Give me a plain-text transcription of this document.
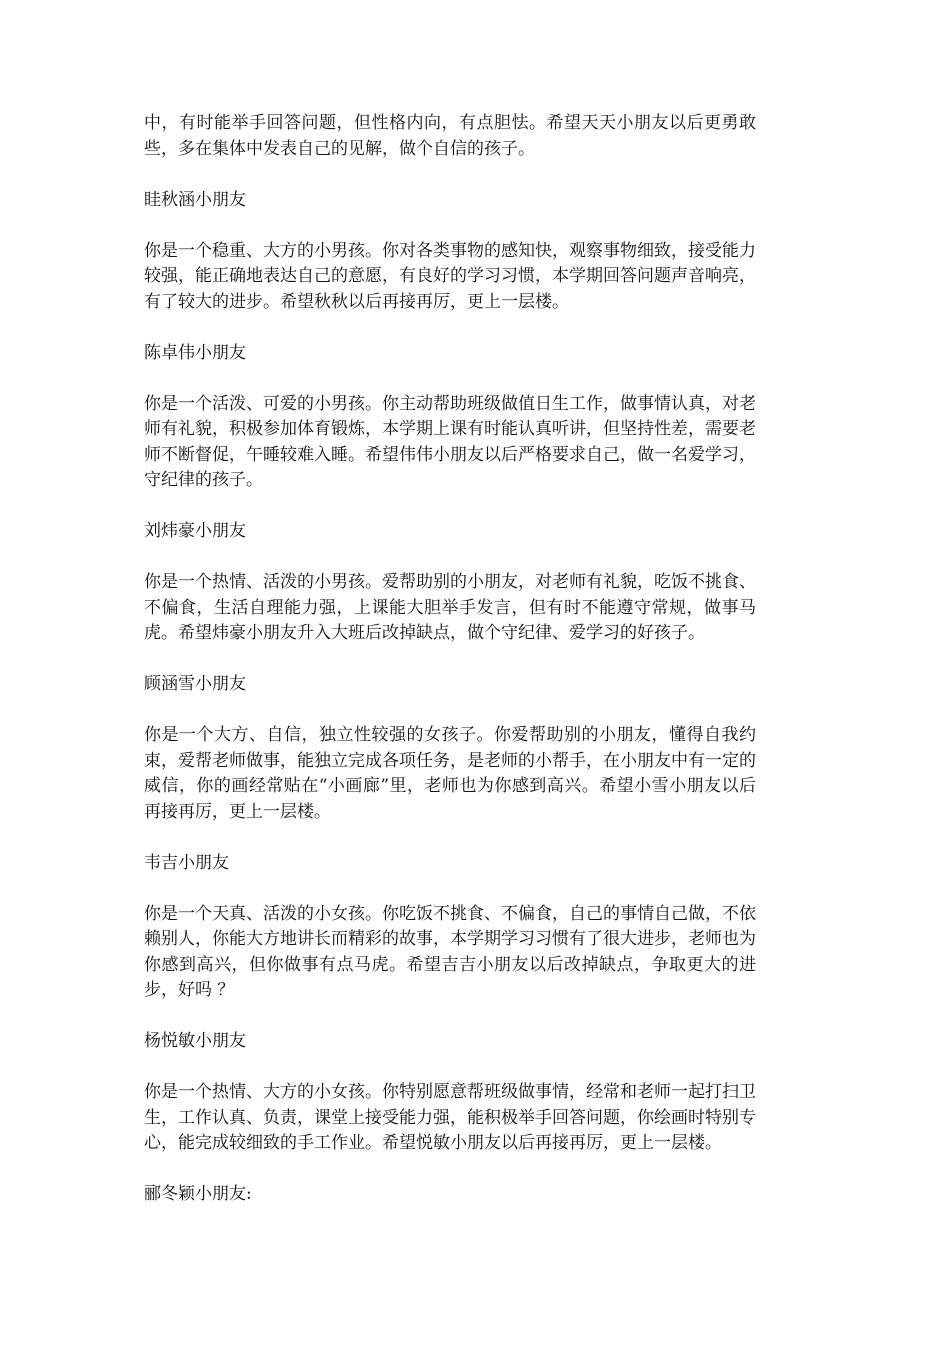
中，有时能举手回答问题，但性格内向，有点胆怯。希望天天小朋友以后更勇敢些，多在集体中发表自己的见解，做个自信的孩子。

眭秋涵小朋友

你是一个稳重、大方的小男孩。你对各类事物的感知快，观察事物细致，接受能力较强，能正确地表达自己的意愿，有良好的学习习惯，本学期回答问题声音响亮，有了较大的进步。希望秋秋以后再接再厉，更上一层楼。

陈卓伟小朋友

你是一个活泼、可爱的小男孩。你主动帮助班级做值日生工作，做事情认真，对老师有礼貌，积极参加体育锻炼，本学期上课有时能认真听讲，但坚持性差，需要老师不断督促，午睡较难入睡。希望伟伟小朋友以后严格要求自己，做一名爱学习，守纪律的孩子。

刘炜豪小朋友

你是一个热情、活泼的小男孩。爱帮助别的小朋友，对老师有礼貌，吃饭不挑食、不偏食，生活自理能力强，上课能大胆举手发言，但有时不能遵守常规，做事马虎。希望炜豪小朋友升入大班后改掉缺点，做个守纪律、爱学习的好孩子。

顾涵雪小朋友

你是一个大方、自信，独立性较强的女孩子。你爱帮助别的小朋友，懂得自我约束，爱帮老师做事，能独立完成各项任务，是老师的小帮手，在小朋友中有一定的威信，你的画经常贴在“小画廊”里，老师也为你感到高兴。希望小雪小朋友以后再接再厉，更上一层楼。

韦吉小朋友

你是一个天真、活泼的小女孩。你吃饭不挑食、不偏食，自己的事情自己做，不依赖别人，你能大方地讲长而精彩的故事，本学期学习习惯有了很大进步，老师也为你感到高兴，但你做事有点马虎。希望吉吉小朋友以后改掉缺点，争取更大的进步，好吗 ？

杨悦敏小朋友

你是一个热情、大方的小女孩。你特别愿意帮班级做事情，经常和老师一起打扫卫生，工作认真、负责，课堂上接受能力强，能积极举手回答问题，你绘画时特别专心，能完成较细致的手工作业。希望悦敏小朋友以后再接再厉，更上一层楼。

郦冬颖小朋友:
